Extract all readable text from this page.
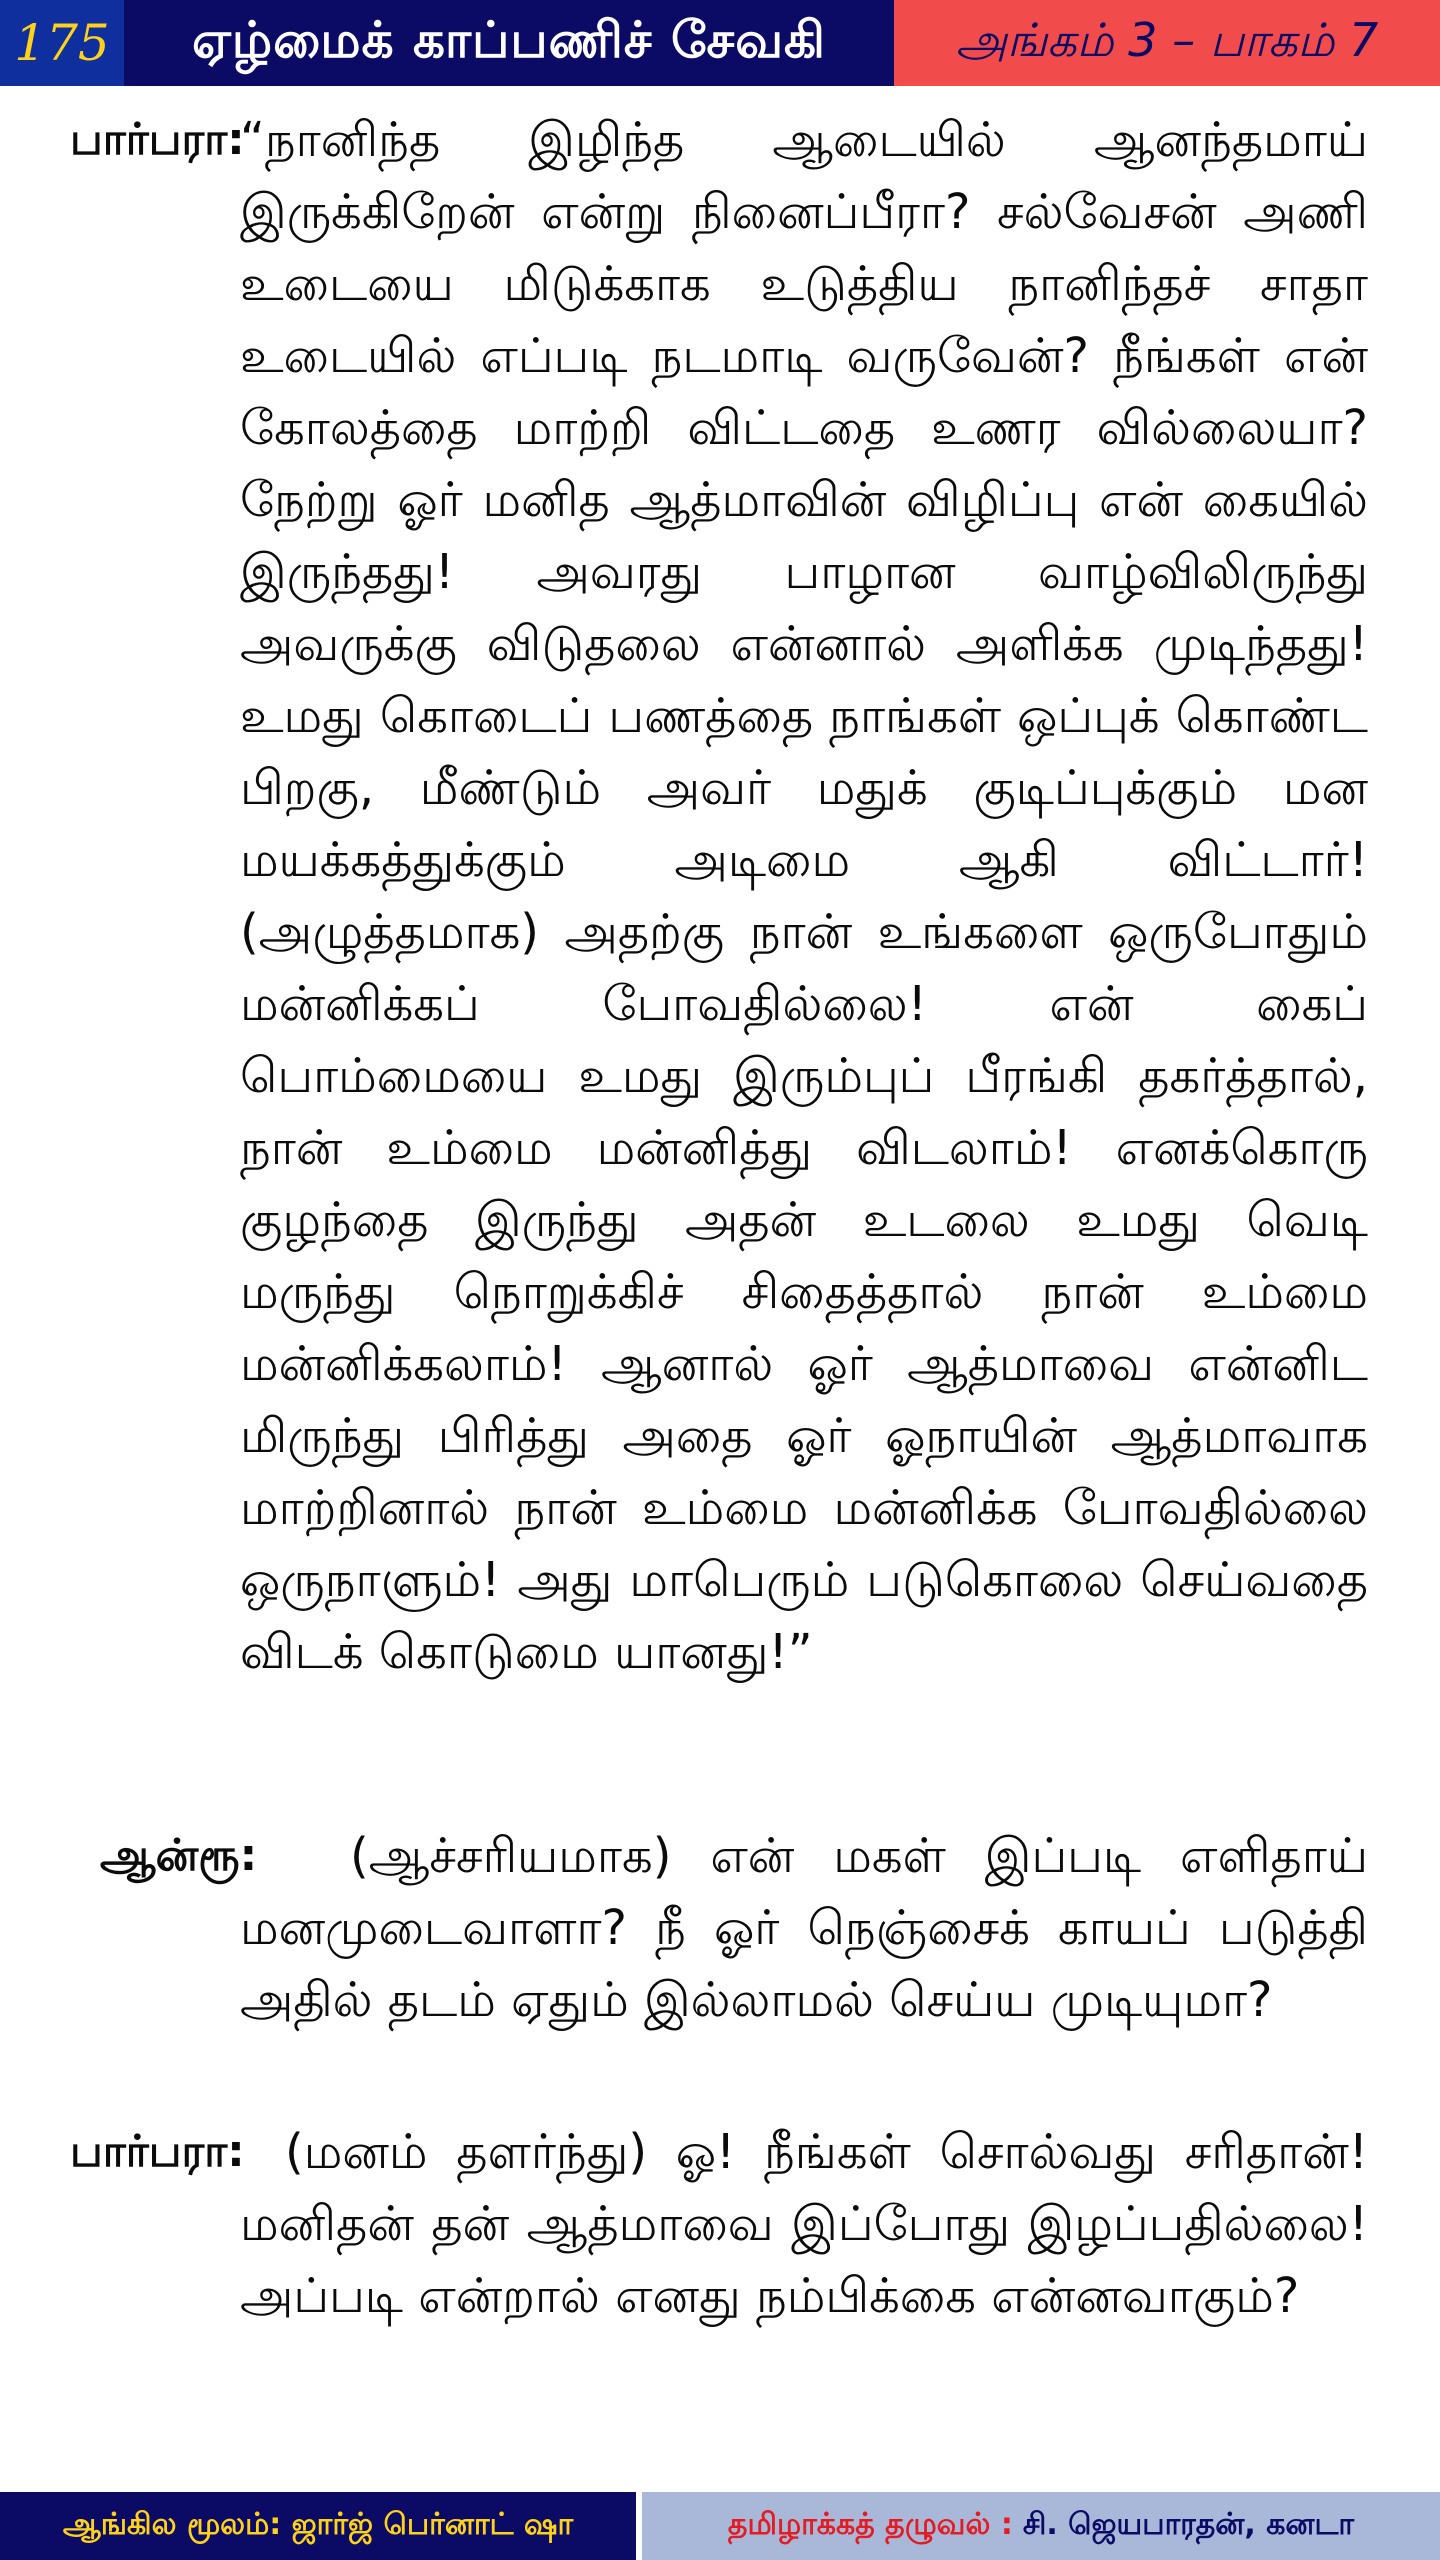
175	ஏழ்மைக் காப்பணிச் சேவகி	அங்கம் 3 – பாகம் 7
பார்பரா:
“நானிந்த இழிந்த ஆடையில் ஆனந்தமாய் இருக்கிறேன் என்று நினைப்பீரா? சல்வேசன் அணி உடையை மிடுக்காக உடுத்திய நானிந்தச் சாதா உடையில் எப்படி நடமாடி வருவேன்? நீங்கள் என் கோலத்தை மாற்றி விட்டதை உணர வில்லையா? நேற்று ஓர் மனித ஆத்மாவின் விழிப்பு என் கையில் இருந்தது! அவரது பாழான வாழ்விலிருந்து அவருக்கு விடுதலை என்னால் அளிக்க முடிந்தது! உமது கொடைப் பணத்தை நாங்கள் ஒப்புக் கொண்ட பிறகு, மீண்டும் அவர் மதுக் குடிப்புக்கும் மன மயக்கத்துக்கும் அடிமை ஆகி விட்டார்! (அழுத்தமாக) அதற்கு நான் உங்களை ஒருபோதும் மன்னிக்கப் போவதில்லை! என் கைப் பொம்மையை உமது இரும்புப் பீரங்கி தகர்த்தால், நான் உம்மை மன்னித்து விடலாம்! எனக்கொரு குழந்தை இருந்து அதன் உடலை உமது வெடி மருந்து நொறுக்கிச் சிதைத்தால் நான் உம்மை மன்னிக்கலாம்! ஆனால் ஓர் ஆத்மாவை என்னிட மிருந்து பிரித்து அதை ஓர் ஓநாயின் ஆத்மாவாக மாற்றினால் நான் உம்மை மன்னிக்க போவதில்லை ஒருநாளும்! அது மாபெரும் படுகொலை செய்வதை விடக் கொடுமை யானது!”
ஆன்ரூ:	(ஆச்சரியமாக) என் மகள் இப்படி எளிதாய் மனமுடைவாளா? நீ ஓர் நெஞ்சைக் காயப் படுத்தி அதில் தடம் ஏதும் இல்லாமல் செய்ய முடியுமா?
பார்பரா: (மனம் தளர்ந்து) ஓ! நீங்கள் சொல்வது சரிதான்! மனிதன் தன் ஆத்மாவை இப்போது இழப்பதில்லை! அப்படி என்றால் எனது நம்பிக்கை என்னவாகும்?
ஆங்கில மூலம்: ஜார்ஜ் பெர்னாட் ஷா	தமிழாக்கத் தழுவல் : சி. ஜெயபாரதன், கனடா
